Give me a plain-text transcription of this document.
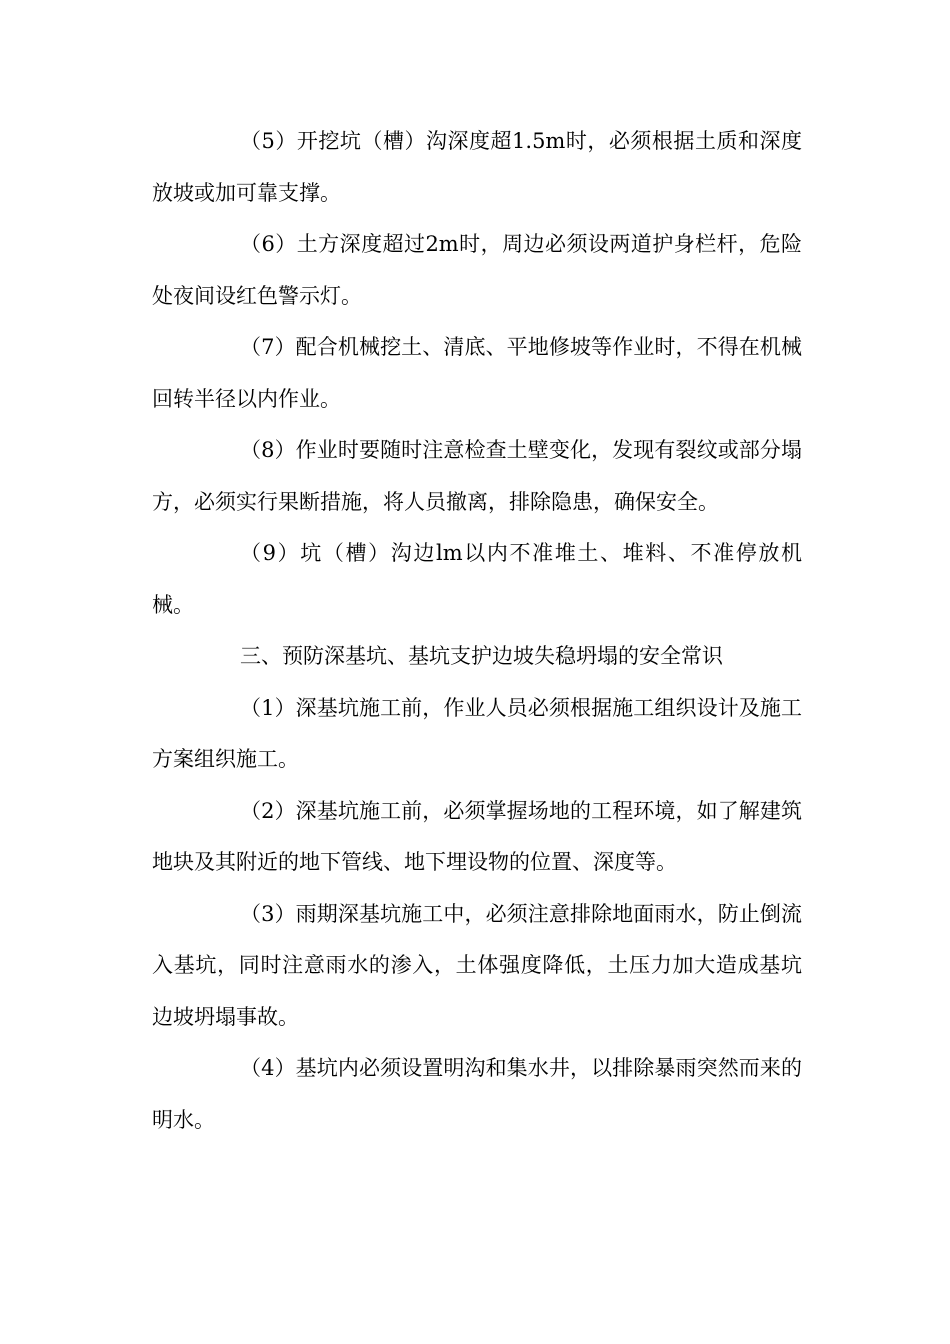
（5）开挖坑（槽）沟深度超1.5m时，必须根据土质和深度放坡或加可靠支撑。

（6）土方深度超过2m时，周边必须设两道护身栏杆，危险处夜间设红色警示灯。

（7）配合机械挖土、清底、平地修坡等作业时，不得在机械回转半径以内作业。

（8）作业时要随时注意检查土壁变化，发现有裂纹或部分塌方，必须实行果断措施，将人员撤离，排除隐患，确保安全。

（9）坑（槽）沟边lm以内不准堆土、堆料、不准停放机械。

三、预防深基坑、基坑支护边坡失稳坍塌的安全常识

（1）深基坑施工前，作业人员必须根据施工组织设计及施工方案组织施工。

（2）深基坑施工前，必须掌握场地的工程环境，如了解建筑地块及其附近的地下管线、地下埋设物的位置、深度等。

（3）雨期深基坑施工中，必须注意排除地面雨水，防止倒流入基坑，同时注意雨水的渗入，土体强度降低，土压力加大造成基坑边坡坍塌事故。

（4）基坑内必须设置明沟和集水井，以排除暴雨突然而来的明水。
